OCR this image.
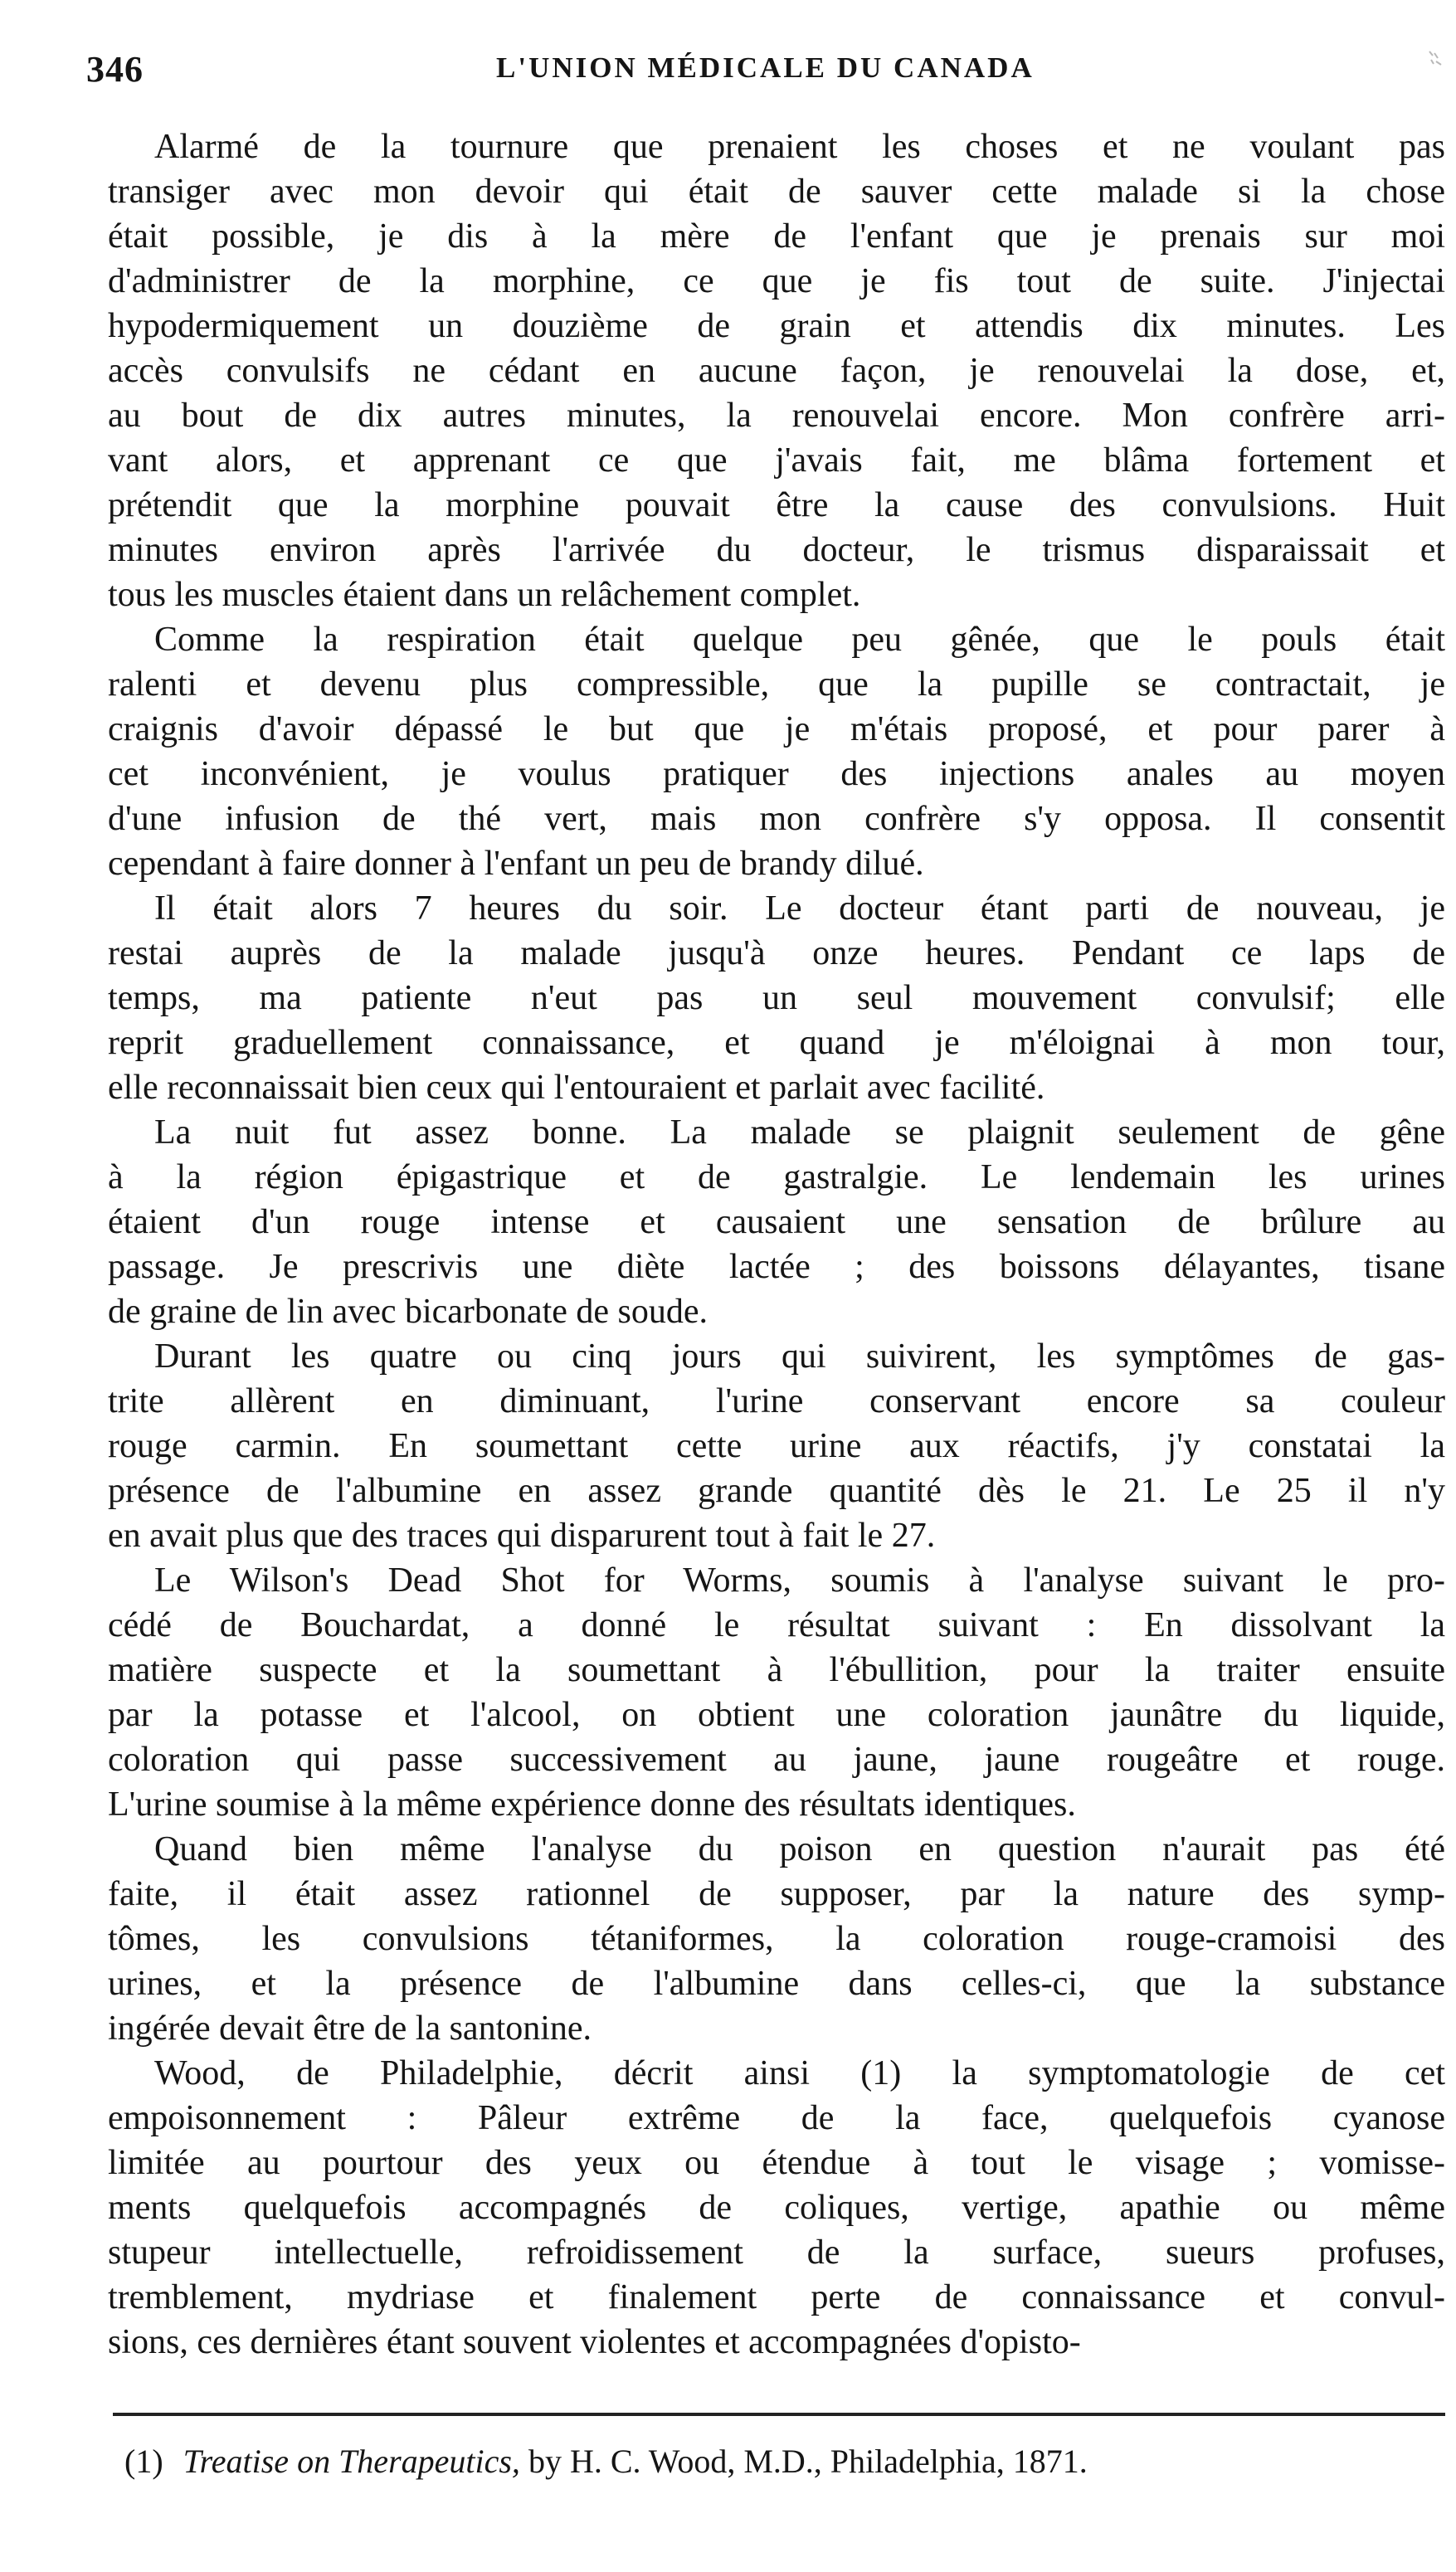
346	L'UNION MÉDICALE DU CANADA
Alarmé de la tournure que prenaient les choses et ne voulant pas
transiger avec mon devoir qui était de sauver cette malade si la chose
était possible, je dis à la mère de l'enfant que je prenais sur moi
d'administrer de la morphine, ce que je fis tout de suite. J'injectai
hypodermiquement un douzième de grain et attendis dix minutes. Les
accès convulsifs ne cédant en aucune façon, je renouvelai la dose, et,
au bout de dix autres minutes, la renouvelai encore. Mon confrère arri-
vant alors, et apprenant ce que j'avais fait, me blâma fortement et
prétendit que la morphine pouvait être la cause des convulsions. Huit
minutes environ après l'arrivée du docteur, le trismus disparaissait et
tous les muscles étaient dans un relâchement complet.
Comme la respiration était quelque peu gênée, que le pouls était
ralenti et devenu plus compressible, que la pupille se contractait, je
craignis d'avoir dépassé le but que je m'étais proposé, et pour parer à
cet inconvénient, je voulus pratiquer des injections anales au moyen
d'une infusion de thé vert, mais mon confrère s'y opposa. Il consentit
cependant à faire donner à l'enfant un peu de brandy dilué.
Il était alors 7 heures du soir. Le docteur étant parti de nouveau, je
restai auprès de la malade jusqu'à onze heures. Pendant ce laps de
temps, ma patiente n'eut pas un seul mouvement convulsif; elle
reprit graduellement connaissance, et quand je m'éloignai à mon tour,
elle reconnaissait bien ceux qui l'entouraient et parlait avec facilité.
La nuit fut assez bonne. La malade se plaignit seulement de gêne
à la région épigastrique et de gastralgie. Le lendemain les urines
étaient d'un rouge intense et causaient une sensation de brûlure au
passage. Je prescrivis une diète lactée ; des boissons délayantes, tisane
de graine de lin avec bicarbonate de soude.
Durant les quatre ou cinq jours qui suivirent, les symptômes de gas-
trite allèrent en diminuant, l'urine conservant encore sa couleur
rouge carmin. En soumettant cette urine aux réactifs, j'y constatai la
présence de l'albumine en assez grande quantité dès le 21. Le 25 il n'y
en avait plus que des traces qui disparurent tout à fait le 27.
Le Wilson's Dead Shot for Worms, soumis à l'analyse suivant le pro-
cédé de Bouchardat, a donné le résultat suivant : En dissolvant la
matière suspecte et la soumettant à l'ébullition, pour la traiter ensuite
par la potasse et l'alcool, on obtient une coloration jaunâtre du liquide,
coloration qui passe successivement au jaune, jaune rougeâtre et rouge.
L'urine soumise à la même expérience donne des résultats identiques.
Quand bien même l'analyse du poison en question n'aurait pas été
faite, il était assez rationnel de supposer, par la nature des symp-
tômes, les convulsions tétaniformes, la coloration rouge-cramoisi des
urines, et la présence de l'albumine dans celles-ci, que la substance
ingérée devait être de la santonine.
Wood, de Philadelphie, décrit ainsi (1) la symptomatologie de cet
empoisonnement : Pâleur extrême de la face, quelquefois cyanose
limitée au pourtour des yeux ou étendue à tout le visage ; vomisse-
ments quelquefois accompagnés de coliques, vertige, apathie ou même
stupeur intellectuelle, refroidissement de la surface, sueurs profuses,
tremblement, mydriase et finalement perte de connaissance et convul-
sions, ces dernières étant souvent violentes et accompagnées d'opisto-
(1) Treatise on Therapeutics, by H. C. Wood, M.D., Philadelphia, 1871.
